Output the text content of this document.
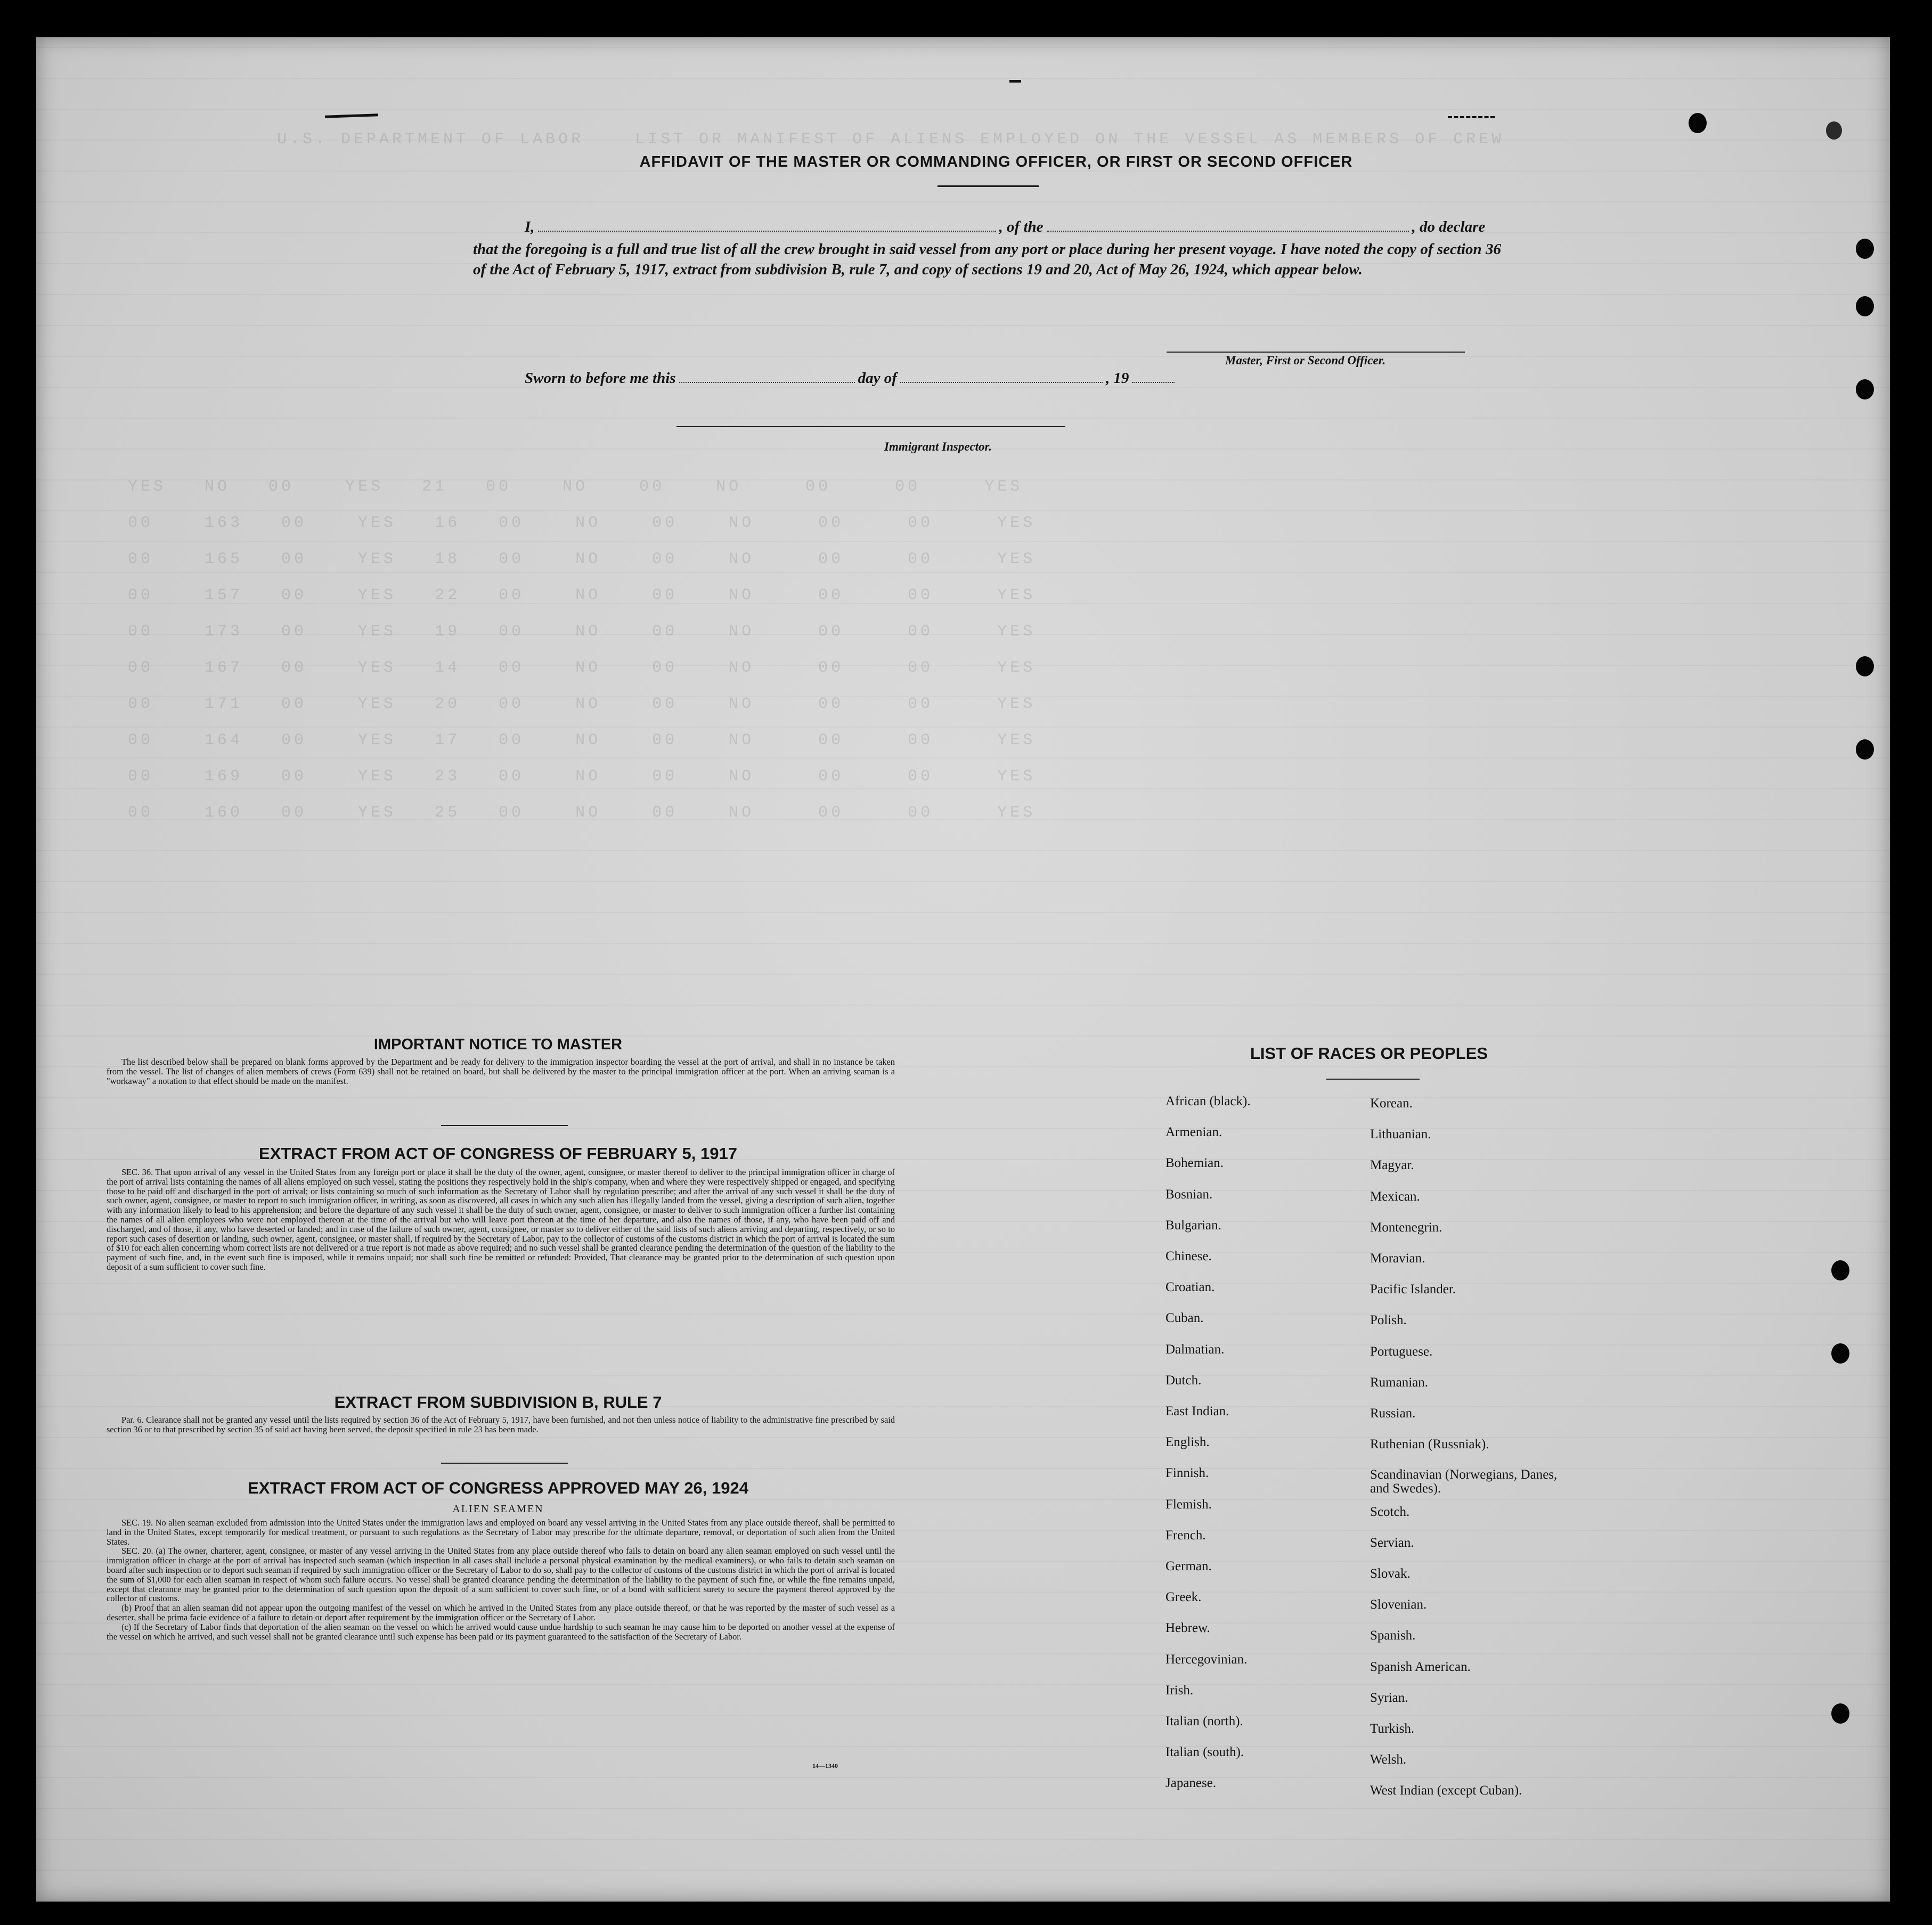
U.S. DEPARTMENT OF LABOR    LIST OR MANIFEST OF ALIENS EMPLOYED ON THE VESSEL AS MEMBERS OF CREW
YES   NO   00    YES   21   00    NO    00    NO     00     00     YES
00    163   00    YES   16   00    NO    00    NO     00     00     YES
00    165   00    YES   18   00    NO    00    NO     00     00     YES
00    157   00    YES   22   00    NO    00    NO     00     00     YES
00    173   00    YES   19   00    NO    00    NO     00     00     YES
00    167   00    YES   14   00    NO    00    NO     00     00     YES
00    171   00    YES   20   00    NO    00    NO     00     00     YES
00    164   00    YES   17   00    NO    00    NO     00     00     YES
00    169   00    YES   23   00    NO    00    NO     00     00     YES
00    160   00    YES   25   00    NO    00    NO     00     00     YES
AFFIDAVIT OF THE MASTER OR COMMANDING OFFICER, OR FIRST OR SECOND OFFICER
I,	, of the	, do declare
that the foregoing is a full and true list of all the crew brought in said vessel from any port or place during her present voyage. I have noted the copy of section 36 of the Act of February 5, 1917, extract from subdivision B, rule 7, and copy of sections 19 and 20, Act of May 26, 1924, which appear below.
Master, First or Second Officer.
Sworn to before me this	day of	, 19
Immigrant Inspector.
IMPORTANT NOTICE TO MASTER

The list described below shall be prepared on blank forms approved by the Department and be ready for delivery to the immigration inspector boarding the vessel at the port of arrival, and shall in no instance be taken from the vessel. The list of changes of alien members of crews (Form 639) shall not be retained on board, but shall be delivered by the master to the principal immigration officer at the port. When an arriving seaman is a "workaway" a notation to that effect should be made on the manifest.

EXTRACT FROM ACT OF CONGRESS OF FEBRUARY 5, 1917

SEC. 36. That upon arrival of any vessel in the United States from any foreign port or place it shall be the duty of the owner, agent, consignee, or master thereof to deliver to the principal immigration officer in charge of the port of arrival lists containing the names of all aliens employed on such vessel, stating the positions they respectively hold in the ship's company, when and where they were respectively shipped or engaged, and specifying those to be paid off and discharged in the port of arrival; or lists containing so much of such information as the Secretary of Labor shall by regulation prescribe; and after the arrival of any such vessel it shall be the duty of such owner, agent, consignee, or master to report to such immigration officer, in writing, as soon as discovered, all cases in which any such alien has illegally landed from the vessel, giving a description of such alien, together with any information likely to lead to his apprehension; and before the departure of any such vessel it shall be the duty of such owner, agent, consignee, or master to deliver to such immigration officer a further list containing the names of all alien employees who were not employed thereon at the time of the arrival but who will leave port thereon at the time of her departure, and also the names of those, if any, who have been paid off and discharged, and of those, if any, who have deserted or landed; and in case of the failure of such owner, agent, consignee, or master so to deliver either of the said lists of such aliens arriving and departing, respectively, or so to report such cases of desertion or landing, such owner, agent, consignee, or master shall, if required by the Secretary of Labor, pay to the collector of customs of the customs district in which the port of arrival is located the sum of $10 for each alien concerning whom correct lists are not delivered or a true report is not made as above required; and no such vessel shall be granted clearance pending the determination of the question of the liability to the payment of such fine, and, in the event such fine is imposed, while it remains unpaid; nor shall such fine be remitted or refunded: Provided, That clearance may be granted prior to the determination of such question upon deposit of a sum sufficient to cover such fine.

EXTRACT FROM SUBDIVISION B, RULE 7

Par. 6. Clearance shall not be granted any vessel until the lists required by section 36 of the Act of February 5, 1917, have been furnished, and not then unless notice of liability to the administrative fine prescribed by said section 36 or to that prescribed by section 35 of said act having been served, the deposit specified in rule 23 has been made.

EXTRACT FROM ACT OF CONGRESS APPROVED MAY 26, 1924
ALIEN SEAMEN

SEC. 19. No alien seaman excluded from admission into the United States under the immigration laws and employed on board any vessel arriving in the United States from any place outside thereof, shall be permitted to land in the United States, except temporarily for medical treatment, or pursuant to such regulations as the Secretary of Labor may prescribe for the ultimate departure, removal, or deportation of such alien from the United States.

SEC. 20. (a) The owner, charterer, agent, consignee, or master of any vessel arriving in the United States from any place outside thereof who fails to detain on board any alien seaman employed on such vessel until the immigration officer in charge at the port of arrival has inspected such seaman (which inspection in all cases shall include a personal physical examination by the medical examiners), or who fails to detain such seaman on board after such inspection or to deport such seaman if required by such immigration officer or the Secretary of Labor to do so, shall pay to the collector of customs of the customs district in which the port of arrival is located the sum of $1,000 for each alien seaman in respect of whom such failure occurs. No vessel shall be granted clearance pending the determination of the liability to the payment of such fine, or while the fine remains unpaid, except that clearance may be granted prior to the determination of such question upon the deposit of a sum sufficient to cover such fine, or of a bond with sufficient surety to secure the payment thereof approved by the collector of customs.

(b) Proof that an alien seaman did not appear upon the outgoing manifest of the vessel on which he arrived in the United States from any place outside thereof, or that he was reported by the master of such vessel as a deserter, shall be prima facie evidence of a failure to detain or deport after requirement by the immigration officer or the Secretary of Labor.

(c) If the Secretary of Labor finds that deportation of the alien seaman on the vessel on which he arrived would cause undue hardship to such seaman he may cause him to be deported on another vessel at the expense of the vessel on which he arrived, and such vessel shall not be granted clearance until such expense has been paid or its payment guaranteed to the satisfaction of the Secretary of Labor.

14—1340
LIST OF RACES OR PEOPLES
African (black).
Armenian.
Bohemian.
Bosnian.
Bulgarian.
Chinese.
Croatian.
Cuban.
Dalmatian.
Dutch.
East Indian.
English.
Finnish.
Flemish.
French.
German.
Greek.
Hebrew.
Hercegovinian.
Irish.
Italian (north).
Italian (south).
Japanese.
Korean.
Lithuanian.
Magyar.
Mexican.
Montenegrin.
Moravian.
Pacific Islander.
Polish.
Portuguese.
Rumanian.
Russian.
Ruthenian (Russniak).
Scandinavian (Norwegians, Danes, and Swedes).
Scotch.
Servian.
Slovak.
Slovenian.
Spanish.
Spanish American.
Syrian.
Turkish.
Welsh.
West Indian (except Cuban).
